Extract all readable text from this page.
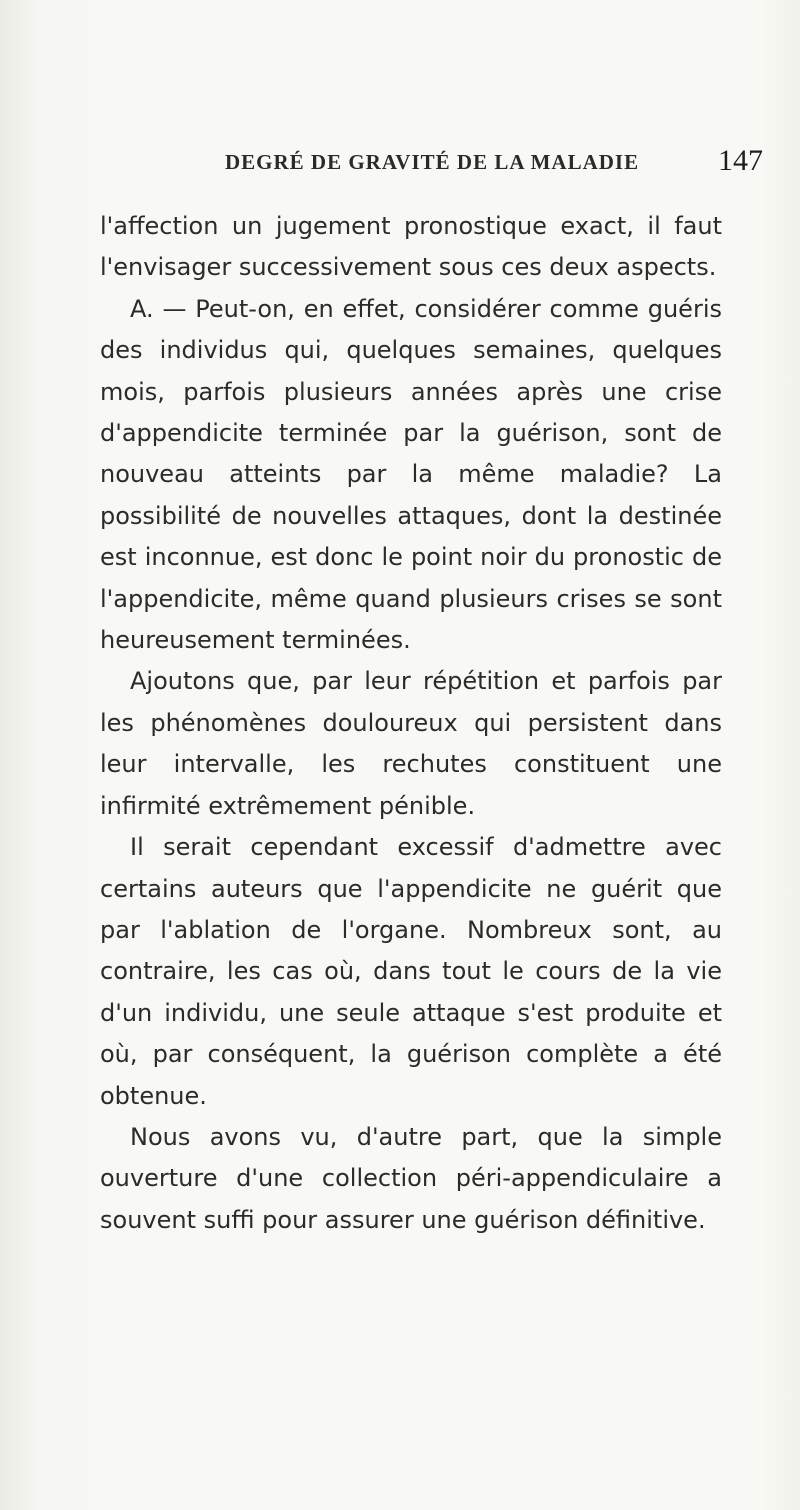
DEGRÉ DE GRAVITÉ DE LA MALADIE	147

l'affection un jugement pronostique exact, il faut l'envisager successivement sous ces deux aspects.

A. — Peut-on, en effet, considérer comme guéris des individus qui, quelques semaines, quelques mois, parfois plusieurs années après une crise d'appendicite terminée par la guérison, sont de nouveau atteints par la même maladie? La possibilité de nouvelles attaques, dont la destinée est inconnue, est donc le point noir du pronostic de l'appendicite, même quand plusieurs crises se sont heureusement terminées.

Ajoutons que, par leur répétition et parfois par les phénomènes douloureux qui persistent dans leur intervalle, les rechutes constituent une infirmité extrêmement pénible.

Il serait cependant excessif d'admettre avec certains auteurs que l'appendicite ne guérit que par l'ablation de l'organe. Nombreux sont, au contraire, les cas où, dans tout le cours de la vie d'un individu, une seule attaque s'est produite et où, par conséquent, la guérison complète a été obtenue.

Nous avons vu, d'autre part, que la simple ouverture d'une collection péri-appendiculaire a souvent suffi pour assurer une guérison définitive.
